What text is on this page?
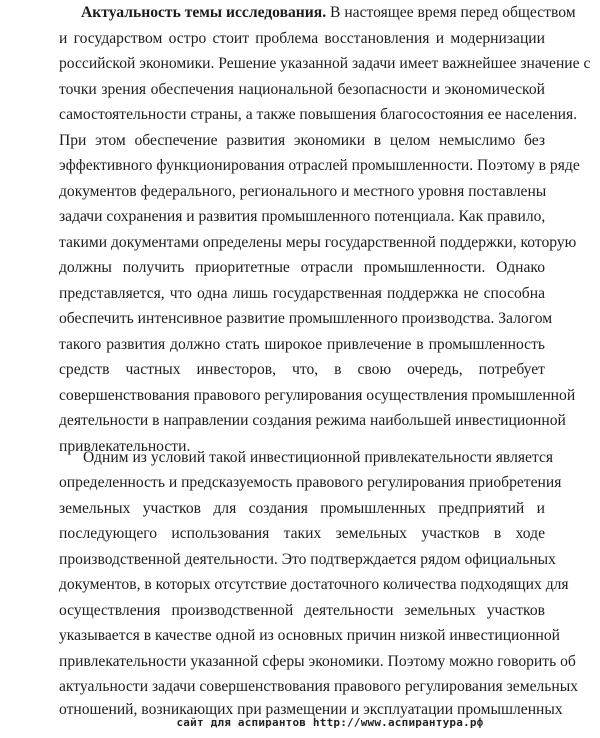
Актуальность темы исследования. В настоящее время перед обществом
и государством остро стоит проблема восстановления и модернизации
российской экономики. Решение указанной задачи имеет важнейшее значение с
точки зрения обеспечения национальной безопасности и экономической
самостоятельности страны, а также повышения благосостояния ее населения.
При этом обеспечение развития экономики в целом немыслимо без
эффективного функционирования отраслей промышленности. Поэтому в ряде
документов федерального, регионального и местного уровня поставлены
задачи сохранения и развития промышленного потенциала. Как правило,
такими документами определены меры государственной поддержки, которую
должны получить приоритетные отрасли промышленности. Однако
представляется, что одна лишь государственная поддержка не способна
обеспечить интенсивное развитие промышленного производства. Залогом
такого развития должно стать широкое привлечение в промышленность
средств частных инвесторов, что, в свою очередь, потребует
совершенствования правового регулирования осуществления промышленной
деятельности в направлении создания режима наибольшей инвестиционной
привлекательности.
Одним из условий такой инвестиционной привлекательности является
определенность и предсказуемость правового регулирования приобретения
земельных участков для создания промышленных предприятий и
последующего использования таких земельных участков в ходе
производственной деятельности. Это подтверждается рядом официальных
документов, в которых отсутствие достаточного количества подходящих для
осуществления производственной деятельности земельных участков
указывается в качестве одной из основных причин низкой инвестиционной
привлекательности указанной сферы экономики. Поэтому можно говорить об
актуальности задачи совершенствования правового регулирования земельных
отношений, возникающих при размещении и эксплуатации промышленных
сайт для аспирантов http://www.аспирантура.рф
